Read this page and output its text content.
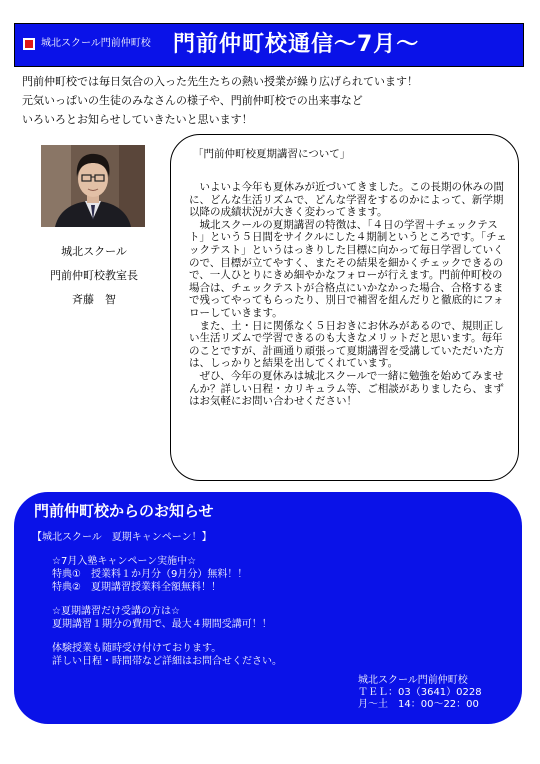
城北スクール門前仲町校 門前仲町校通信〜7月〜

門前仲町校では毎日気合の入った先生たちの熱い授業が繰り広げられています！

元気いっぱいの生徒のみなさんの様子や、門前仲町校での出来事など

いろいろとお知らせしていきたいと思います！

城北スクール

門前仲町校教室長

斉藤　智

「門前仲町校夏期講習について」

いよいよ今年も夏休みが近づいてきました。この長期の休みの間に、どんな生活リズムで、どんな学習をするのかによって、新学期以降の成績状況が大きく変わってきます。

城北スクールの夏期講習の特徴は、「４日の学習＋チェックテスト」という５日間をサイクルにした４期制というところです。「チェックテスト」というはっきりした目標に向かって毎日学習していくので、目標が立てやすく、またその結果を細かくチェックできるので、一人ひとりにきめ細やかなフォローが行えます。門前仲町校の場合は、チェックテストが合格点にいかなかった場合、合格するまで残ってやってもらったり、別日で補習を組んだりと徹底的にフォローしていきます。

また、土・日に関係なく５日おきにお休みがあるので、規則正しい生活リズムで学習できるのも大きなメリットだと思います。毎年のことですが、計画通り頑張って夏期講習を受講していただいた方は、しっかりと結果を出してくれています。

ぜひ、今年の夏休みは城北スクールで一緒に勉強を始めてみませんか？詳しい日程・カリキュラム等、ご相談がありましたら、まずはお気軽にお問い合わせください！

門前仲町校からのお知らせ
【城北スクール　夏期キャンペーン！】
☆7月入塾キャンペーン実施中☆
特典①　授業料１か月分（9月分）無料！！
特典②　夏期講習授業料全額無料！！
☆夏期講習だけ受講の方は☆
夏期講習１期分の費用で、最大４期間受講可！！
体験授業も随時受け付けております。
詳しい日程・時間帯など詳細はお問合せください。
城北スクール門前仲町校
ＴＥＬ：03（3641）0228
月〜土　14：00〜22：00
